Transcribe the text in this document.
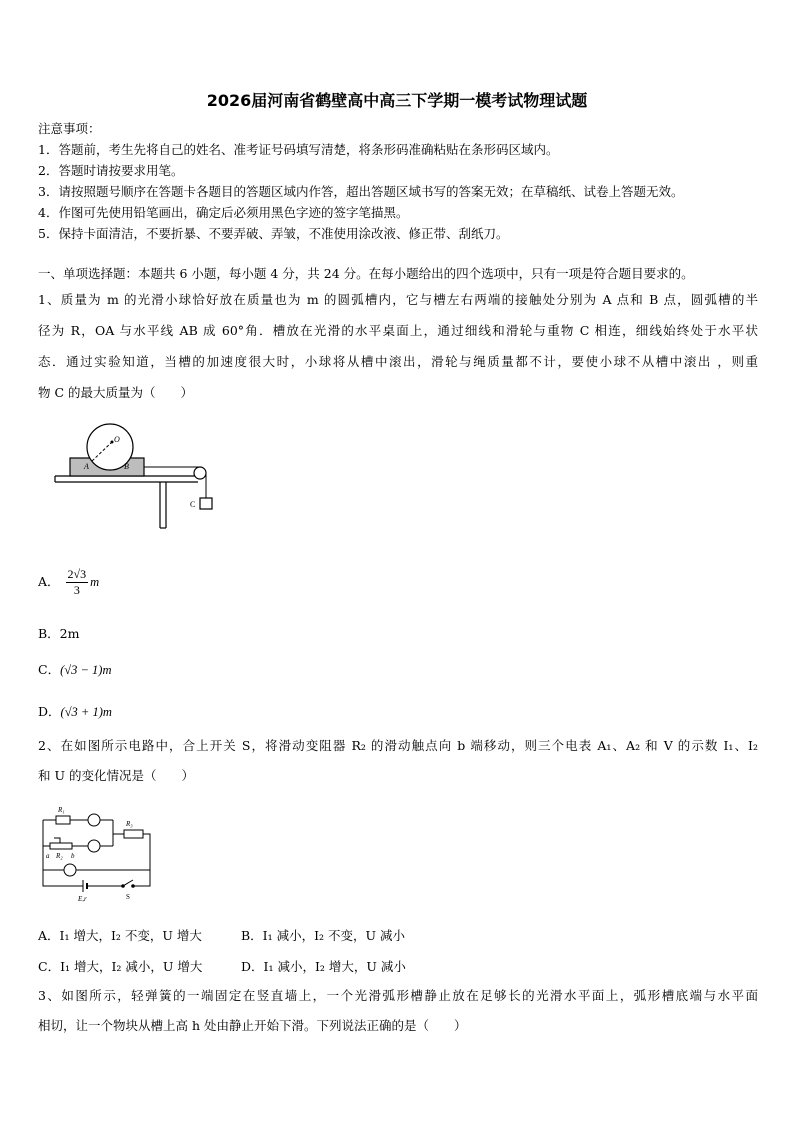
2026届河南省鹤壁高中高三下学期一模考试物理试题
注意事项：
1．答题前，考生先将自己的姓名、准考证号码填写清楚，将条形码准确粘贴在条形码区域内。
2．答题时请按要求用笔。
3．请按照题号顺序在答题卡各题目的答题区域内作答，超出答题区域书写的答案无效；在草稿纸、试卷上答题无效。
4．作图可先使用铅笔画出，确定后必须用黑色字迹的签字笔描黑。
5．保持卡面清洁，不要折暴、不要弄破、弄皱，不准使用涂改液、修正带、刮纸刀。
一、单项选择题：本题共 6 小题，每小题 4 分，共 24 分。在每小题给出的四个选项中，只有一项是符合题目要求的。
1、质量为 m 的光滑小球恰好放在质量也为 m 的圆弧槽内，它与槽左右两端的接触处分别为 A 点和 B 点，圆弧槽的半
径为 R，OA 与水平线 AB 成 60°角．槽放在光滑的水平桌面上，通过细线和滑轮与重物 C 相连，细线始终处于水平状
态．通过实验知道，当槽的加速度很大时，小球将从槽中滚出，滑轮与绳质量都不计，要使小球不从槽中滚出 ，则重
物 C 的最大质量为（　　）
O
A	B
C
A． $\frac{2√3}{3}$ m
B．2m
C．(√3 − 1)m
D．(√3 + 1)m
2、在如图所示电路中，合上开关 S，将滑动变阻器 R₂ 的滑动触点向 b 端移动，则三个电表 A₁、A₂ 和 V 的示数 I₁、I₂
和 U 的变化情况是（　　）
R₁
R₂
R₃
a	b
E,r	S
A．I₁ 增大，I₂ 不变，U 增大	B．I₁ 减小，I₂ 不变，U 减小
C．I₁ 增大，I₂ 减小，U 增大	D．I₁ 减小，I₂ 增大，U 减小
3、如图所示，轻弹簧的一端固定在竖直墙上，一个光滑弧形槽静止放在足够长的光滑水平面上，弧形槽底端与水平面
相切，让一个物块从槽上高 h 处由静止开始下滑。下列说法正确的是（　　）
